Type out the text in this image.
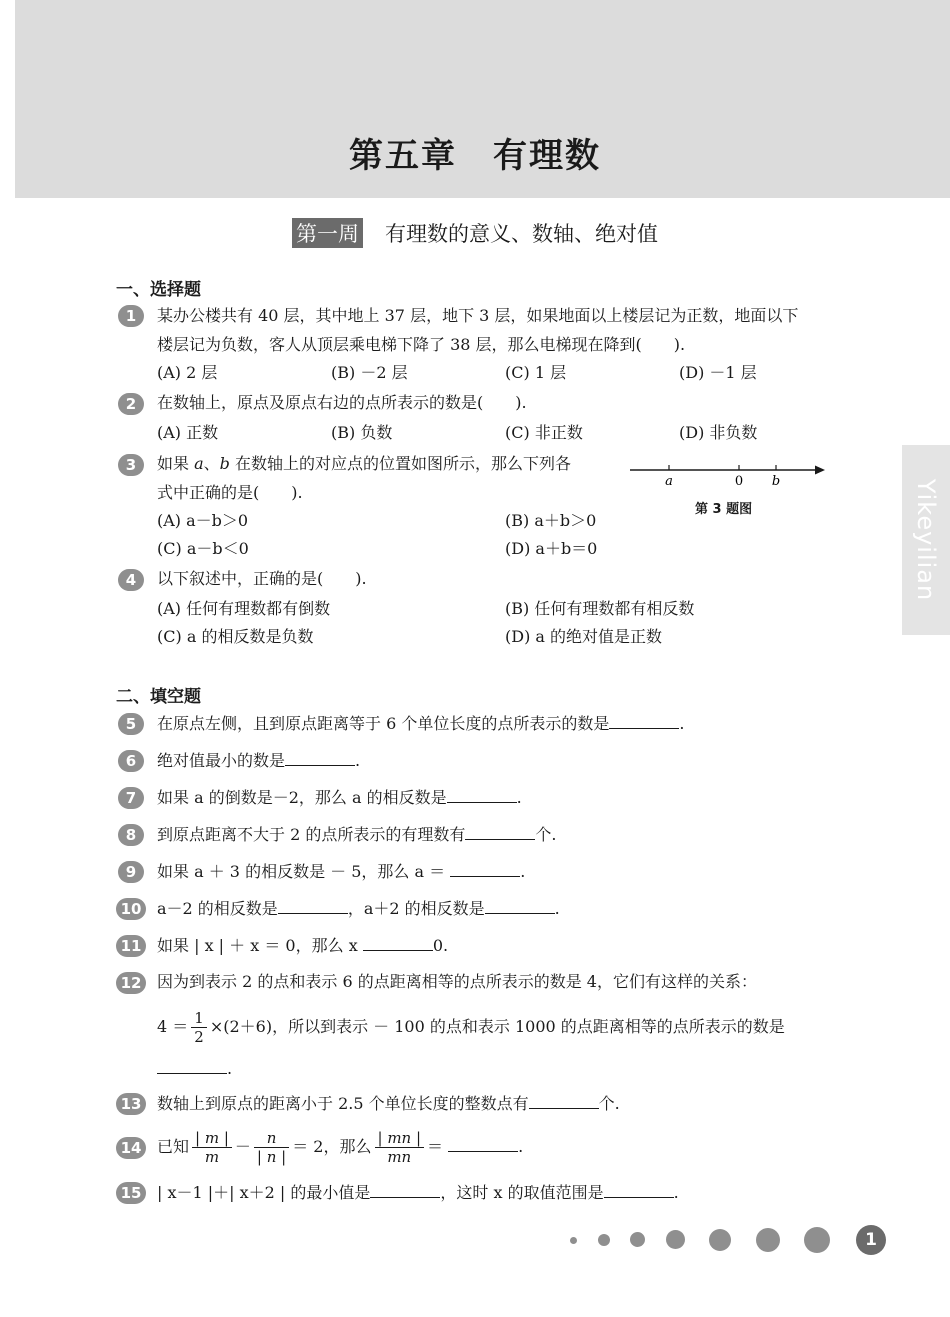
第五章　有理数
第一周 有理数的意义、数轴、绝对值
Yikeyilian
一、选择题
1	某办公楼共有 40 层，其中地上 37 层，地下 3 层，如果地面以上楼层记为正数，地面以下
楼层记为负数，客人从顶层乘电梯下降了 38 层，那么电梯现在降到(　　).
(A) 2 层	(B) －2 层	(C) 1 层	(D) －1 层
2	在数轴上，原点及原点右边的点所表示的数是(　　).
(A) 正数	(B) 负数	(C) 非正数	(D) 非负数
3	如果 a、b 在数轴上的对应点的位置如图所示，那么下列各
式中正确的是(　　).
(A) a－b＞0	(B) a＋b＞0
(C) a－b＜0	(D) a＋b＝0
a	0 b
第 3 题图
4	以下叙述中，正确的是(　　).
(A) 任何有理数都有倒数	(B) 任何有理数都有相反数
(C) a 的相反数是负数	(D) a 的绝对值是正数
二、填空题
5	在原点左侧，且到原点距离等于 6 个单位长度的点所表示的数是	.
6	绝对值最小的数是	.
7	如果 a 的倒数是－2，那么 a 的相反数是	.
8	到原点距离不大于 2 的点所表示的有理数有	个.
9	如果 a ＋ 3 的相反数是 － 5，那么 a ＝	.
10 a－2 的相反数是	，a＋2 的相反数是	.
11 如果 | x | ＋ x ＝ 0，那么 x	0.
12 因为到表示 2 的点和表示 6 的点距离相等的点所表示的数是 4，它们有这样的关系：
$4 = \frac{1}{2} \times(2+6)$，所以到表示 － 100 的点和表示 1000 的点距离相等的点所表示的数是
.
13 数轴上到原点的距离小于 2.5 个单位长度的整数点有	个.
14 已知 $\frac{| m |}{m} - \frac{n}{| n |} = 2$，那么 $\frac{| mn |}{mn}$ ＝	.
15 | x－1 |＋| x＋2 | 的最小值是	，这时 x 的取值范围是	.
1
